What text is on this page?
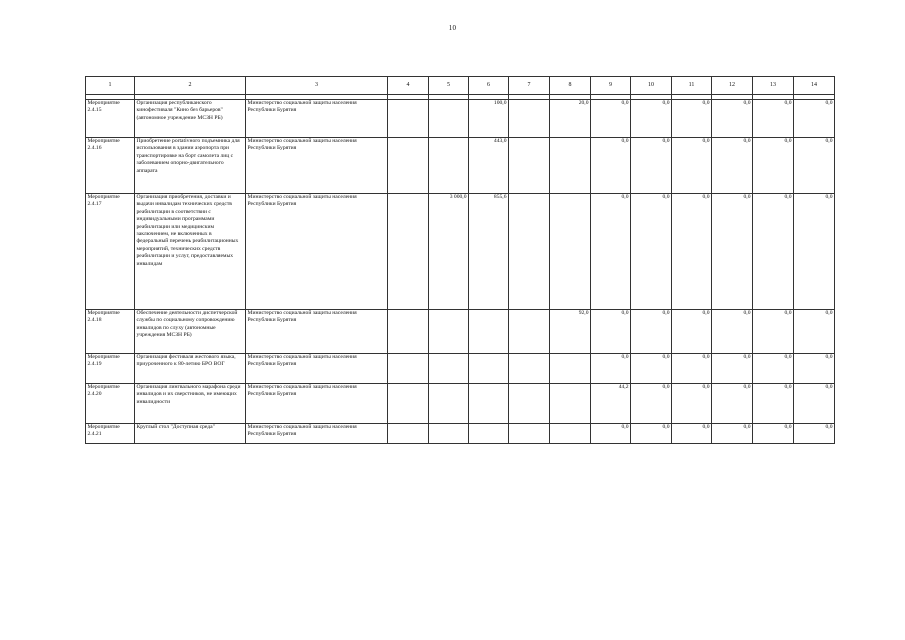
10
1	2	3	4	5	6	7	8	9	10	11	12	13	14

Мероприятие 2.4.15	Организация республиканского кинофестиваля "Кино без барьеров" (автономное учреждение МСЗН РБ)	Министерство социальной защиты населения Республики Бурятия			100,0		20,0	0,0	0,0	0,0	0,0	0,0	0,0
Мероприятие 2.4.16	Приобретение portativного подъемника для использования в здании аэропорта при транспортировке на борт самолета лиц с заболеванием опорно-двигательного аппарата	Министерство социальной защиты населения Республики Бурятия			443,0			0,0	0,0	0,0	0,0	0,0	0,0
Мероприятие 2.4.17	Организация приобретения, доставки и выдачи инвалидам технических средств реабилитации в соответствии с индивидуальными программами реабилитации или медицинским заключением, не включенных в федеральный перечень реабилитационных мероприятий, технических средств реабилитации и услуг, предоставляемых инвалидам	Министерство социальной защиты населения Республики Бурятия		3 000,0	855,6			0,0	0,0	0,0	0,0	0,0	0,0
Мероприятие 2.4.18	Обеспечение деятельности диспетчерской службы по социальному сопровождению инвалидов по слуху (автономные учреждения МСЗН РБ)	Министерство социальной защиты населения Республики Бурятия					92,0	0,0	0,0	0,0	0,0	0,0	0,0
Мероприятие 2.4.19	Организация фестиваля жестового языка, приуроченного к 80-летию БРО ВОГ	Министерство социальной защиты населения Республики Бурятия						0,0	0,0	0,0	0,0	0,0	0,0
Мероприятие 2.4.20	Организация лингвального марафона среди инвалидов и их сверстников, не имеющих инвалидности	Министерство социальной защиты населения Республики Бурятия						44,2	0,0	0,0	0,0	0,0	0,0
Мероприятие 2.4.21	Круглый стол "Доступная среда"	Министерство социальной защиты населения Республики Бурятия						0,0	0,0	0,0	0,0	0,0	0,0
